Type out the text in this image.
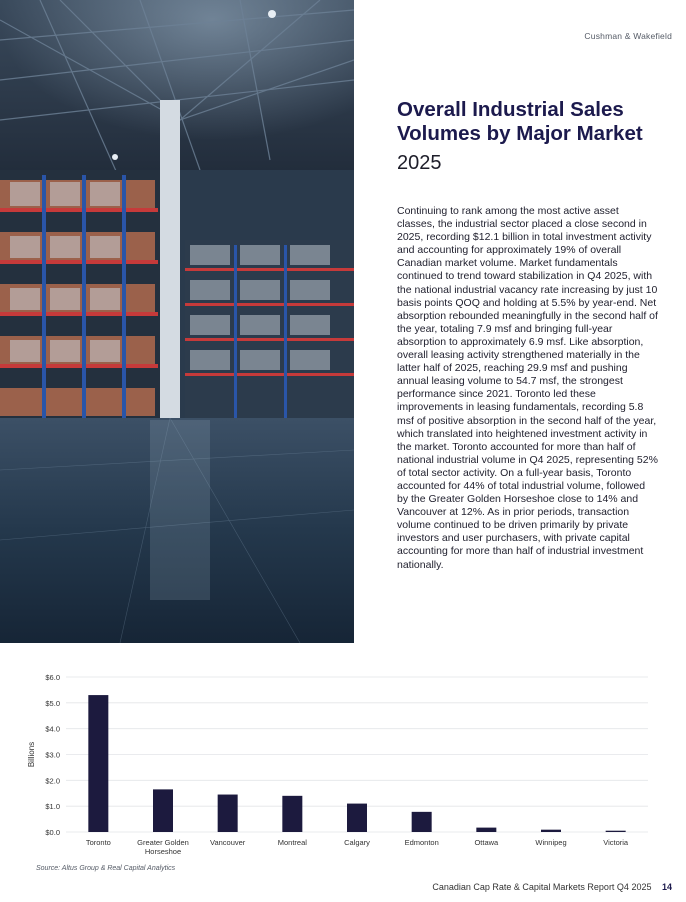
Cushman & Wakefield
Overall Industrial Sales Volumes by Major Market
2025
Continuing to rank among the most active asset classes, the industrial sector placed a close second in 2025, recording $12.1 billion in total investment activity and accounting for approximately 19% of overall Canadian market volume. Market fundamentals continued to trend toward stabilization in Q4 2025, with the national industrial vacancy rate increasing by just 10 basis points QOQ and holding at 5.5% by year-end. Net absorption rebounded meaningfully in the second half of the year, totaling 7.9 msf and bringing full-year absorption to approximately 6.9 msf. Like absorption, overall leasing activity strengthened materially in the latter half of 2025, reaching 29.9 msf and pushing annual leasing volume to 54.7 msf, the strongest performance since 2021. Toronto led these improvements in leasing fundamentals, recording 5.8 msf of positive absorption in the second half of the year, which translated into heightened investment activity in the market. Toronto accounted for more than half of national industrial volume in Q4 2025, representing 52% of total sector activity. On a full-year basis, Toronto accounted for 44% of total industrial volume, followed by the Greater Golden Horseshoe close to 14% and Vancouver at 12%. As in prior periods, transaction volume continued to be driven primarily by private investors and user purchasers, with private capital accounting for more than half of industrial investment nationally.
$0.0
$1.0
$2.0
$3.0
$4.0
$5.0
$6.0
Billions
Toronto	Greater Golden
Horseshoe
Vancouver	Montreal	Calgary	Edmonton	Ottawa	Winnipeg	Victoria
Source: Altus Group & Real Capital Analytics
Canadian Cap Rate & Capital Markets Report Q4 2025 14
